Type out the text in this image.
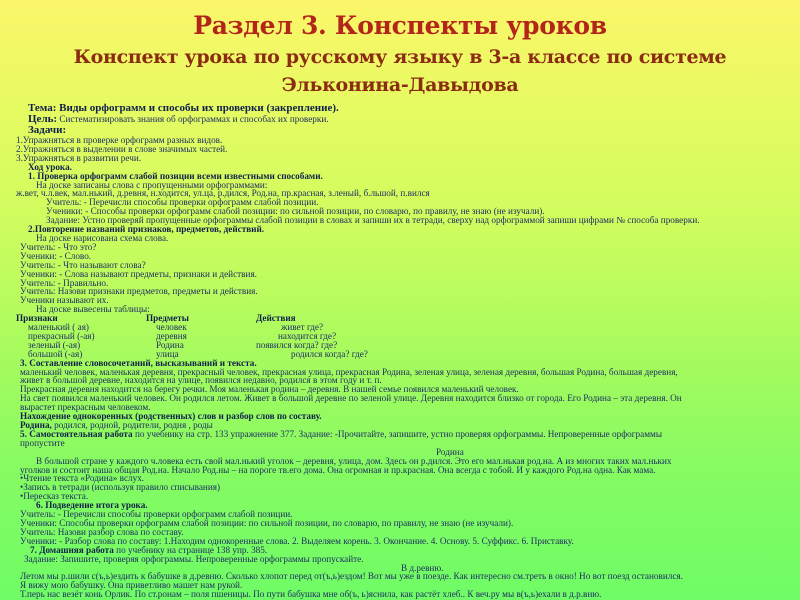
Раздел 3. Конспекты уроков
Конспект урока по русскому языку в 3-а классе по системе
Эльконина-Давыдова
Тема: Виды орфограмм и способы их проверки (закрепление).
Цель: Систематизировать знания об орфограммах и способах их проверки.
Задачи:
1.Упражняться в проверке орфограмм разных видов.
2.Упражняться в выделении в слове значимых частей.
3.Упражняться в развитии речи.
Ход урока.
1. Проверка орфограмм слабой позиции всеми известными способами.
На доске записаны слова с пропущенными орфограммами:
ж.вет, ч.л.век, мал.нький, д.ревня, н.ходится, ул.ца, р.дился, Род.на, пр.красная, з.леный, б.льшой, п.вился
Учитель: - Перечисли способы проверки орфограмм слабой позиции.
Ученики: - Способы проверки орфограмм слабой позиции: по сильной позиции, по словарю, по правилу, не знаю (не изучали).
Задание: Устно проверяй пропущенные орфограммы слабой позиции в словах и запиши их в тетради, сверху над орфограммой запиши цифрами № способа проверки.
2.Повторение названий признаков, предметов, действий.
На доске нарисована схема слова.
Учитель: - Что это?
Ученики: - Слово.
Учитель: - Что называют слова?
Ученики: - Слова называют предметы, признаки и действия.
Учитель: - Правильно.
Учитель: Назови признаки предметов, предметы и действия.
Ученики называют их.
На доске вывесены таблицы:
Признаки	Предметы	Действия
маленький ( ая)	человек	живет где?
прекрасный (-ая)	деревня	находится где?
зеленый (-ая)	Родина	появился когда? где?
большой (-ая)	улица	родился когда? где?
3. Составление словосочетаний, высказываний и текста.
маленький человек, маленькая деревня, прекрасный человек, прекрасная улица, прекрасная Родина, зеленая улица, зеленая деревня, большая Родина, большая деревня,
живет в большой деревне, находится на улице, появился недавно, родился в этом году и т. п.
Прекрасная деревня находится на берегу речки. Моя маленькая родина – деревня. В нашей семье появился маленький человек.
На свет появился маленький человек. Он родился летом. Живет в большой деревне по зеленой улице. Деревня находится близко от города. Его Родина – эта деревня. Он
вырастет прекрасным человеком.
Нахождение однокоренных (родственных) слов и разбор слов по составу.
Родина, родился, родной, родители, родня , роды
5. Самостоятельная работа по учебнику на стр. 133 упражнение 377. Задание: -Прочитайте, запишите, устно проверяя орфограммы. Непроверенные орфограммы
пропустите
Родина
В большой стране у каждого ч.ловека есть свой мал.нький уголок – деревня, улица, дом. Здесь он р.дился. Это его мал.нькая род.на. А из многих таких мал.ньких
уголков и состоит наша общая Род.на. Начало Род.ны – на пороге тв.его дома. Она огромная и пр.красная. Она всегда с тобой. И у каждого Род.на одна. Как мама.
•Чтение текста «Родина» вслух.
•Запись в тетради (используя правило списывания)
•Пересказ текста.
6. Подведение итога урока.
Учитель: - Перечисли способы проверки орфограмм слабой позиции.
Ученики: Способы проверки орфограмм слабой позиции: по сильной позиции, по словарю, по правилу, не знаю (не изучали).
Учитель: Назови разбор слова по составу.
Ученики: - Разбор слова по составу: 1.Находим однокоренные слова. 2. Выделяем корень. 3. Окончание. 4. Основу. 5. Суффикс. 6. Приставку.
7. Домашняя работа по учебнику на странице 138 упр. 385.
Задание: Запишите, проверяя орфограммы. Непроверенные орфограммы пропускайте.
В д.ревню.
Летом мы р.шили с(ъ,ь)ездить к бабушке в д.ревню. Сколько хлопот перед от(ъ,ь)ездом! Вот мы уже в поезде. Как интересно см.треть в окно! Но вот поезд остановился.
Я вижу мою бабушку. Она приветливо машет нам рукой.
Т.перь нас везёт конь Орлик. По ст.ронам – поля пшеницы. По пути бабушка мне об(ъ, ь)яснила, как растёт хлеб.. К веч.ру мы в(ъ,ь)ехали в д.р.вню.
